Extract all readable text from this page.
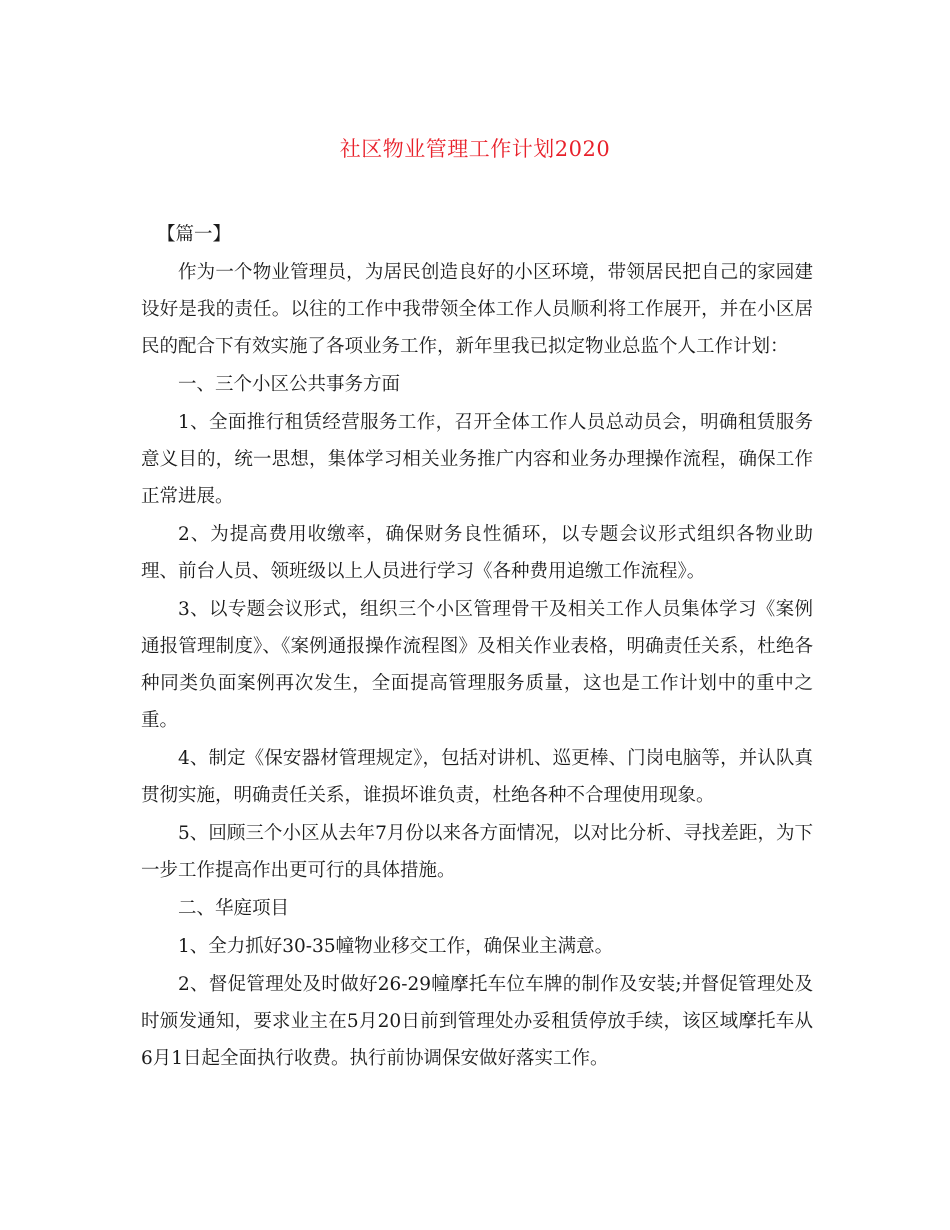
社区物业管理工作计划2020

【篇一】

作为一个物业管理员，为居民创造良好的小区环境，带领居民把自己的家园建设好是我的责任。以往的工作中我带领全体工作人员顺利将工作展开，并在小区居民的配合下有效实施了各项业务工作，新年里我已拟定物业总监个人工作计划：

一、三个小区公共事务方面

1、全面推行租赁经营服务工作，召开全体工作人员总动员会，明确租赁服务意义目的，统一思想，集体学习相关业务推广内容和业务办理操作流程，确保工作正常进展。

2、为提高费用收缴率，确保财务良性循环，以专题会议形式组织各物业助理、前台人员、领班级以上人员进行学习《各种费用追缴工作流程》。

3、以专题会议形式，组织三个小区管理骨干及相关工作人员集体学习《案例通报管理制度》、《案例通报操作流程图》及相关作业表格，明确责任关系，杜绝各种同类负面案例再次发生，全面提高管理服务质量，这也是工作计划中的重中之重。

4、制定《保安器材管理规定》，包括对讲机、巡更棒、门岗电脑等，并认队真贯彻实施，明确责任关系，谁损坏谁负责，杜绝各种不合理使用现象。

5、回顾三个小区从去年7月份以来各方面情况，以对比分析、寻找差距，为下一步工作提高作出更可行的具体措施。

二、华庭项目

1、全力抓好30-35幢物业移交工作，确保业主满意。

2、督促管理处及时做好26-29幢摩托车位车牌的制作及安装;并督促管理处及时颁发通知，要求业主在5月20日前到管理处办妥租赁停放手续，该区域摩托车从6月1日起全面执行收费。执行前协调保安做好落实工作。
